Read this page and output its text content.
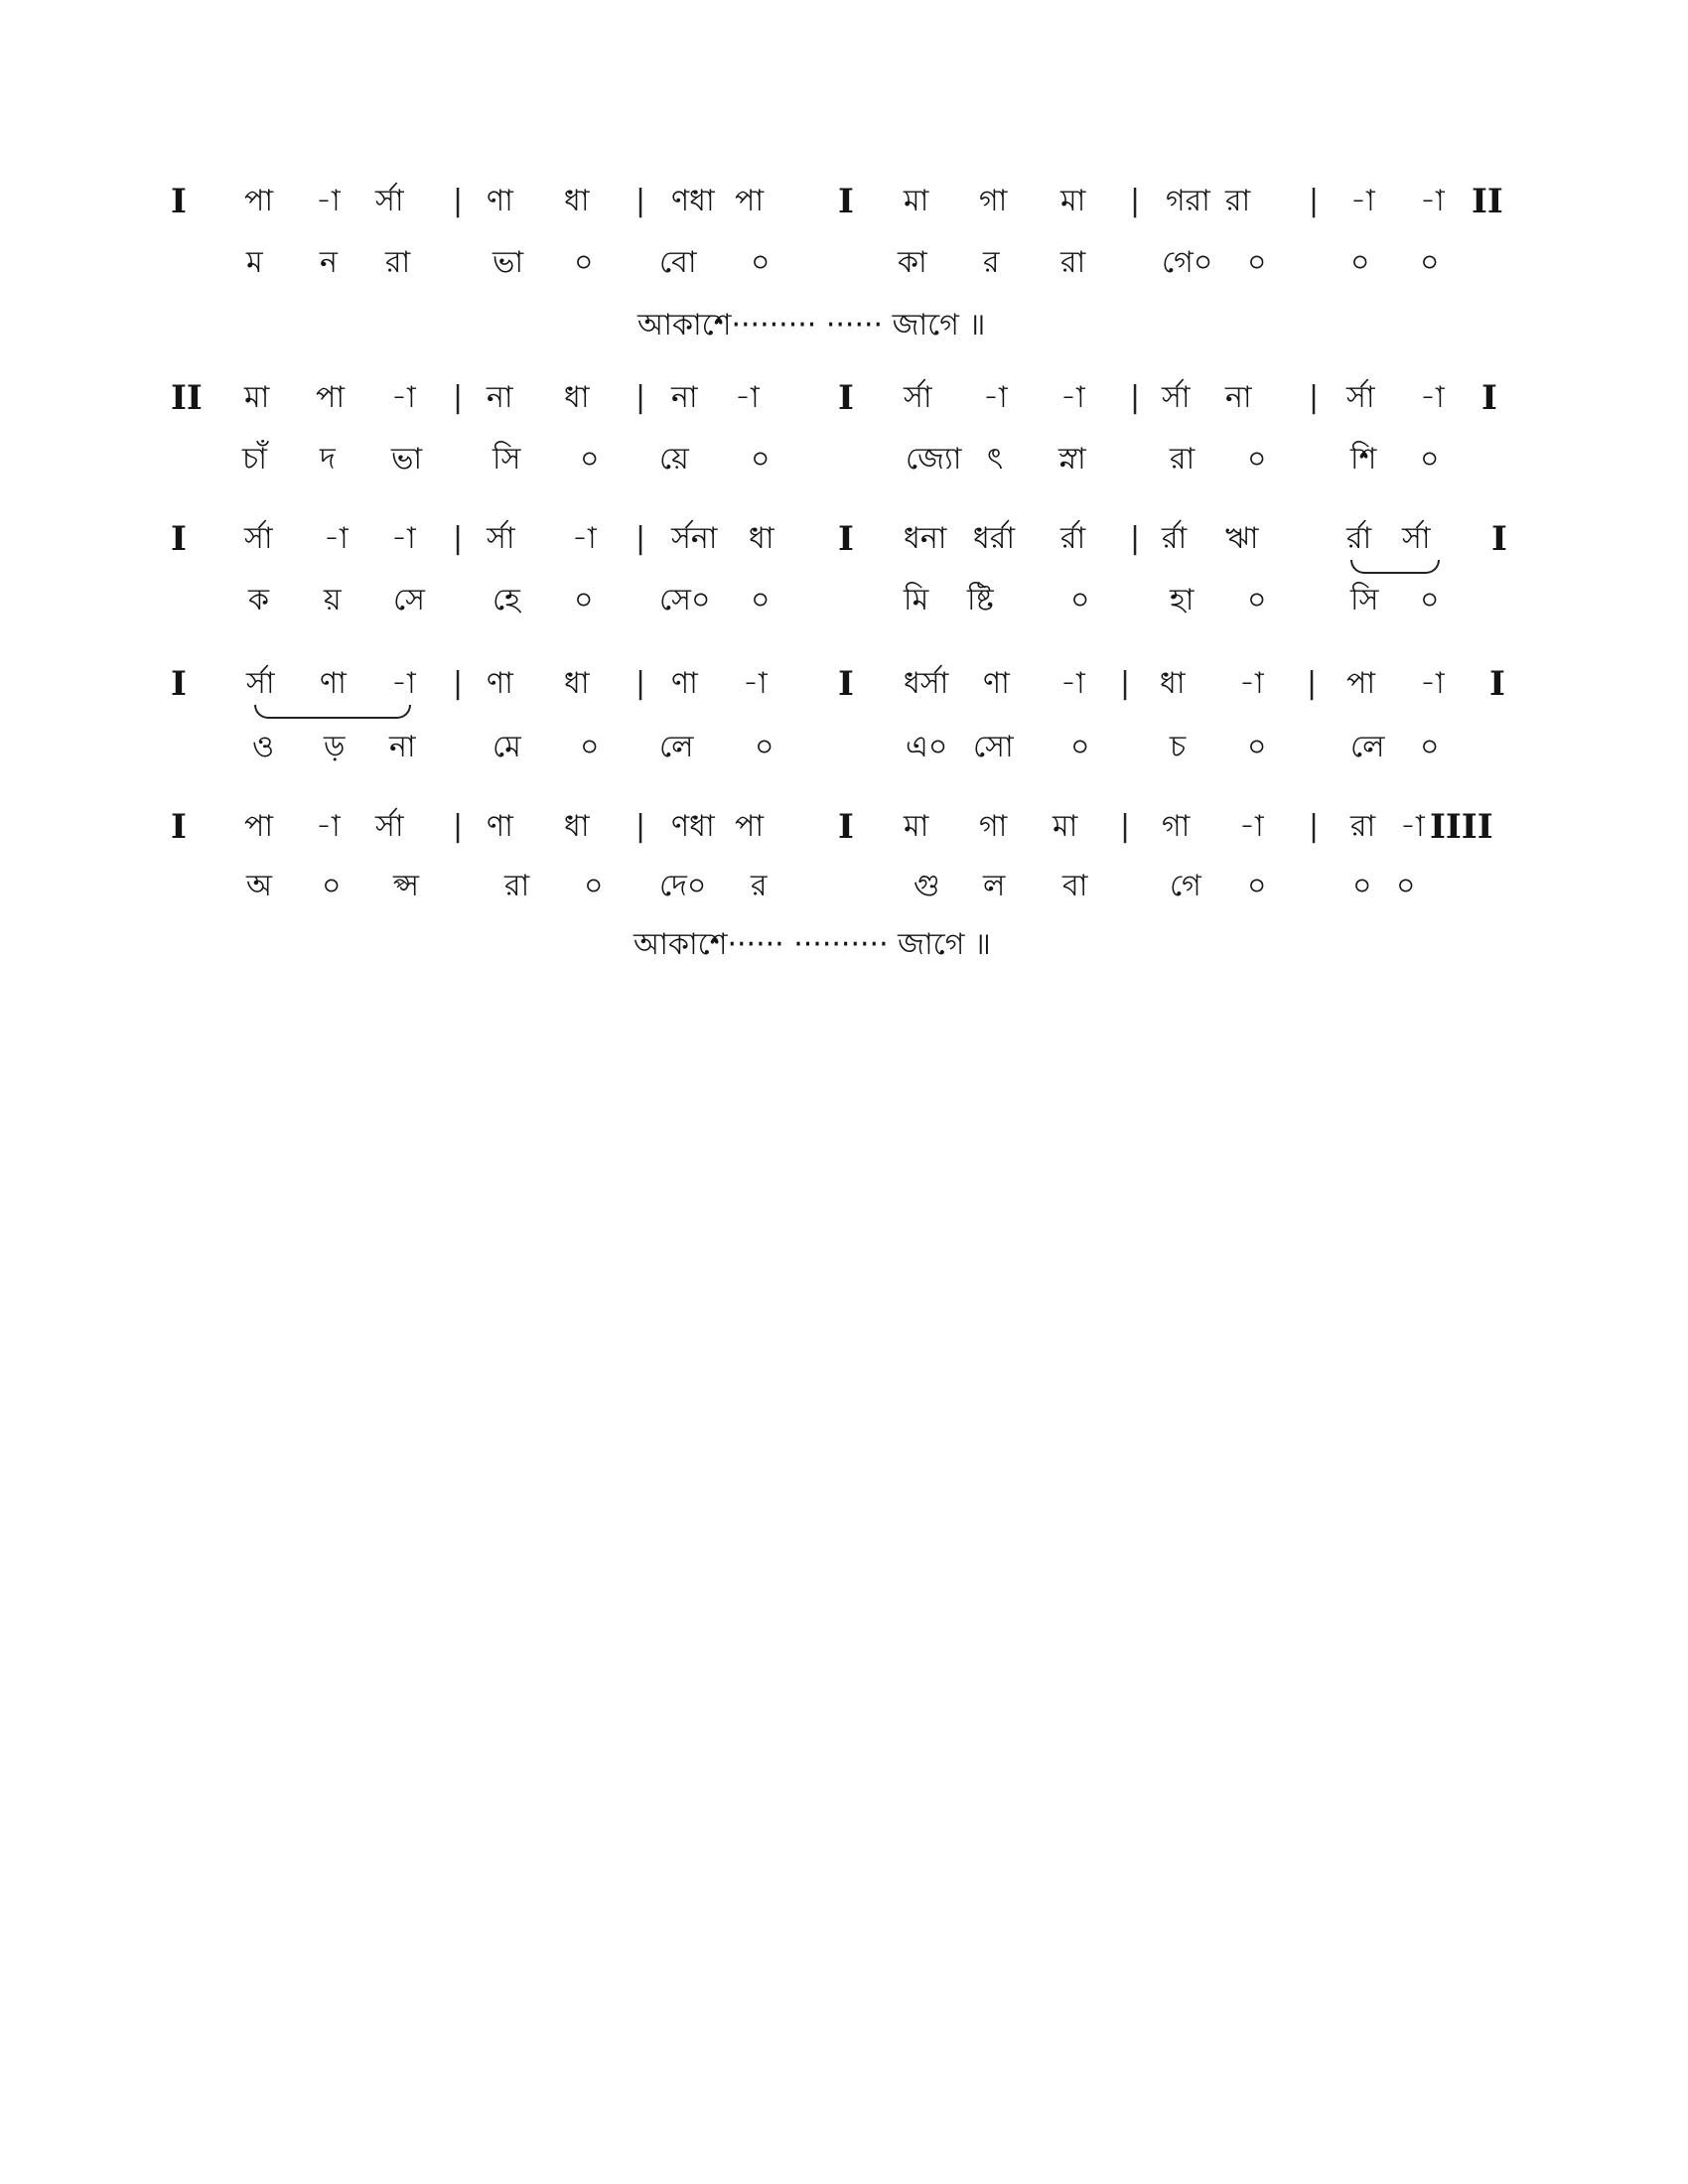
I পা -া র্সা | ণা ধা | ণধা পা I মা গা মা | গরা রা | -া -া II
ম ন রা	ভা ০ বো ০	কা র রা	গে০ ০	০ ০
আকাশে········· ······ জাগে ॥
II মা পা -া | না ধা | না -া I র্সা -া -া | র্সা না | র্সা -া I
চাঁ দ ভা সি ০ য়ে ০	জ্যো ৎ স্না	রা ০	শি ০
I র্সা -া -া | র্সা -া | র্সনা ধা I ধনা ধর্রা র্রা | র্রা ঋা	র্রা র্সা I
ক য় সে হে ০ সে০ ০	মি ষ্টি	০	হা ০	সি ০
I র্সা ণা -া | ণা ধা | ণা -া I ধর্সা ণা -া | ধা -া | পা -া I
ও ড় না	মে ০ লে ০	এ০ সো ০	চ ০	লে ০
I পা -া র্সা | ণা ধা | ণধা পা I মা গা মা | গা -া | রা -া IIII
অ ০ প্স	রা ০ দে০ র	গু ল বা	গে ০	০ ০
আকাশে······ ·········· জাগে ॥
